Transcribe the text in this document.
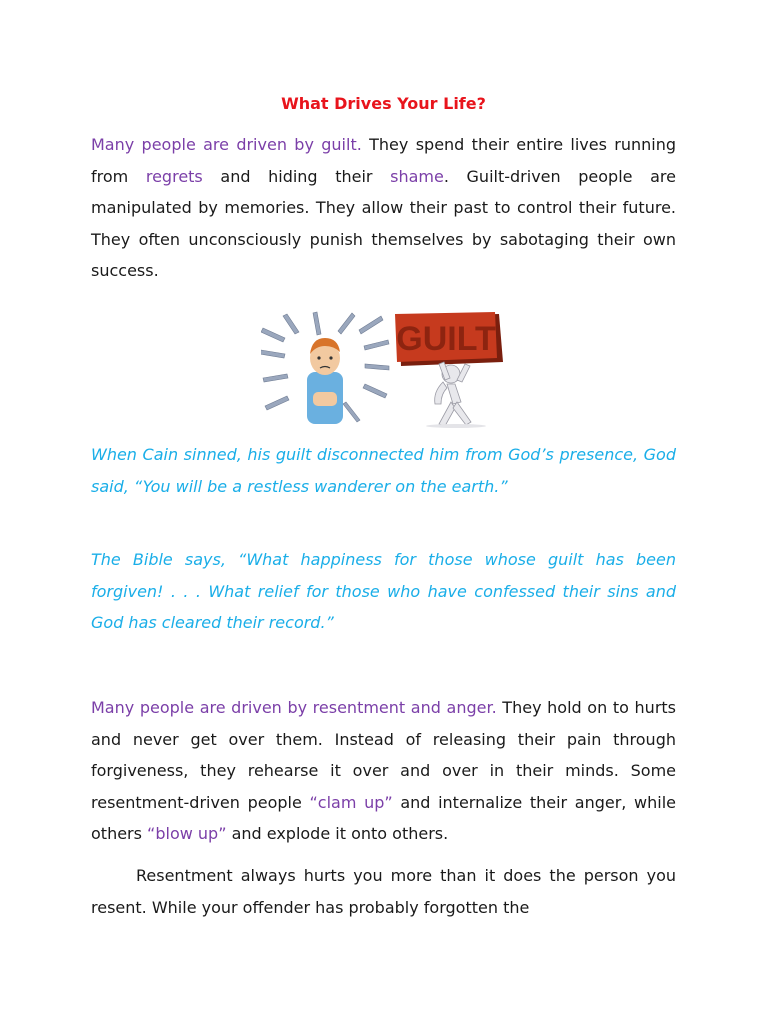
What Drives Your Life?

Many people are driven by guilt. They spend their entire lives running from regrets and hiding their shame. Guilt-driven people are manipulated by memories. They allow their past to control their future. They often unconsciously punish themselves by sabotaging their own success.

GUILT

When Cain sinned, his guilt disconnected him from God’s presence, God said, “You will be a restless wanderer on the earth.”

The Bible says, “What happiness for those whose guilt has been forgiven! . . . What relief for those who have confessed their sins and God has cleared their record.”

Many people are driven by resentment and anger. They hold on to hurts and never get over them. Instead of releasing their pain through forgiveness, they rehearse it over and over in their minds. Some resentment-driven people “clam up” and internalize their anger, while others “blow up” and explode it onto others.

Resentment always hurts you more than it does the person you resent. While your offender has probably forgotten the
